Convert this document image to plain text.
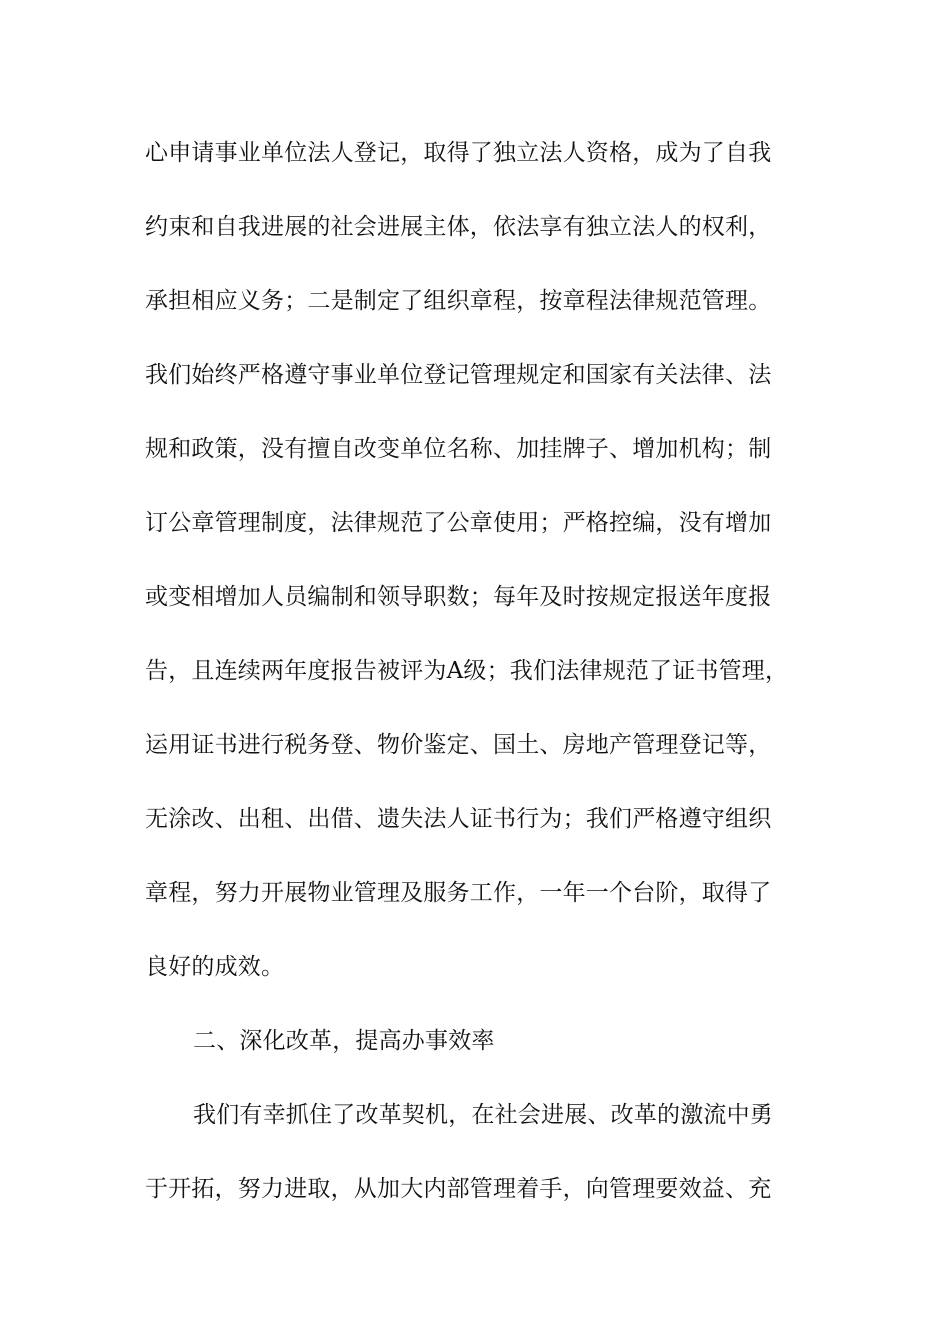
心申请事业单位法人登记，取得了独立法人资格，成为了自我
约束和自我进展的社会进展主体，依法享有独立法人的权利，
承担相应义务；二是制定了组织章程，按章程法律规范管理。
我们始终严格遵守事业单位登记管理规定和国家有关法律、法
规和政策，没有擅自改变单位名称、加挂牌子、增加机构；制
订公章管理制度，法律规范了公章使用；严格控编，没有增加
或变相增加人员编制和领导职数；每年及时按规定报送年度报
告，且连续两年度报告被评为A级；我们法律规范了证书管理，
运用证书进行税务登、物价鉴定、国土、房地产管理登记等，
无涂改、出租、出借、遗失法人证书行为；我们严格遵守组织
章程，努力开展物业管理及服务工作，一年一个台阶，取得了
良好的成效。
二、深化改革，提高办事效率
我们有幸抓住了改革契机，在社会进展、改革的激流中勇
于开拓，努力进取，从加大内部管理着手，向管理要效益、充
